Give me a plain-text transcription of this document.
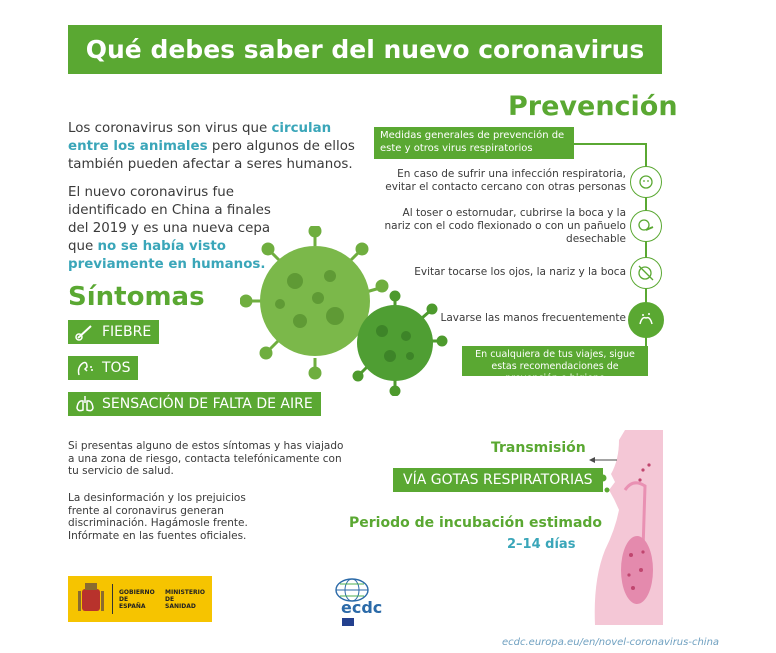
Qué debes saber del nuevo coronavirus

Los coronavirus son virus que circulan entre los animales pero algunos de ellos también pueden afectar a seres humanos.

El nuevo coronavirus fue identificado en China a finales del 2019 y es una nueva cepa que no se había visto previamente en humanos.

Síntomas
FIEBRE
TOS
SENSACIÓN DE FALTA DE AIRE
Si presentas alguno de estos síntomas y has viajado a una zona de riesgo, contacta telefónicamente con tu servicio de salud.
La desinformación y los prejuicios frente al coronavirus generan discriminación. Hagámosle frente. Infórmate en las fuentes oficiales.
Prevención
Medidas generales de prevención de este y otros virus respiratorios
En caso de sufrir una infección respiratoria, evitar el contacto cercano con otras personas
Al toser o estornudar, cubrirse la boca y la nariz con el codo flexionado o con un pañuelo desechable
Evitar tocarse los ojos, la nariz y la boca
Lavarse las manos frecuentemente
En cualquiera de tus viajes, sigue estas recomendaciones de prevención e higiene
Transmisión
VÍA GOTAS RESPIRATORIAS
Periodo de incubación estimado
2–14 días
GOBIERNO DE ESPAÑA
MINISTERIO DE SANIDAD	ecdc
ecdc.europa.eu/en/novel-coronavirus-china
